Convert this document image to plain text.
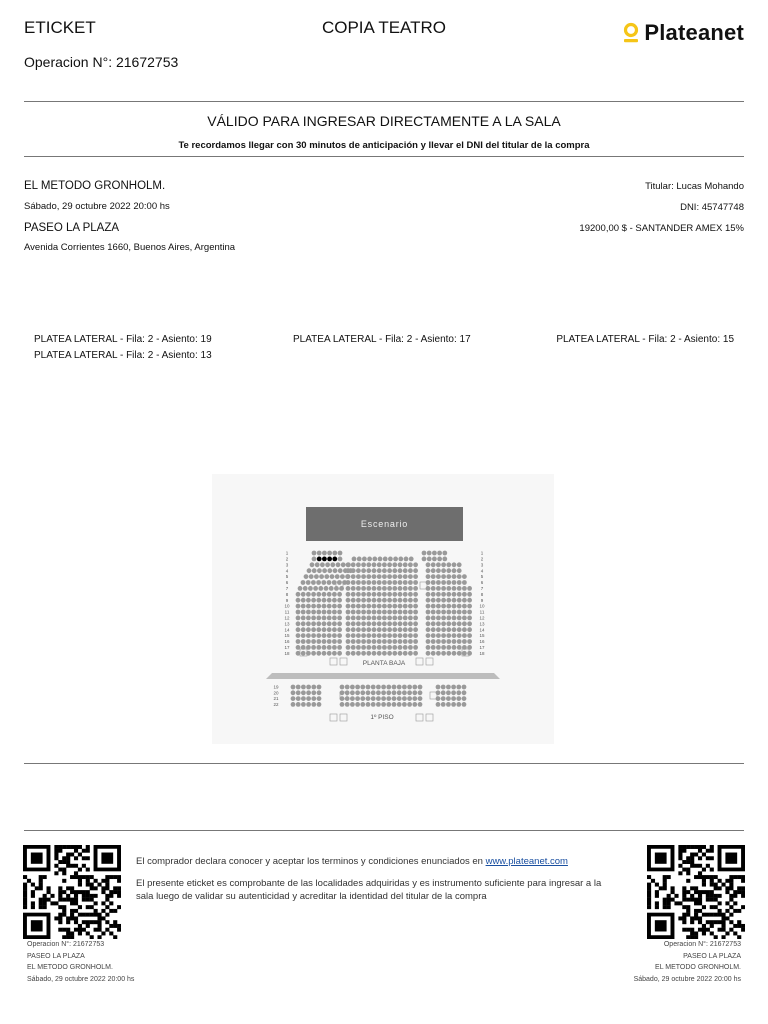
ETICKET	COPIA TEATRO
Operacion N°: 21672753
Plateanet
VÁLIDO PARA INGRESAR DIRECTAMENTE A LA SALA
Te recordamos llegar con 30 minutos de anticipación y llevar el DNI del titular de la compra
EL METODO GRONHOLM.
Sábado, 29 octubre 2022 20:00 hs
PASEO LA PLAZA
Avenida Corrientes 1660, Buenos Aires, Argentina
Titular: Lucas Mohando
DNI: 45747748
19200,00 $ - SANTANDER AMEX 15%
PLATEA LATERAL - Fila: 2 - Asiento: 19	PLATEA LATERAL - Fila: 2 - Asiento: 17	PLATEA LATERAL - Fila: 2 - Asiento: 15
PLATEA LATERAL - Fila: 2 - Asiento: 13
Escenario
1	1
2	2
3	3
4	4
5	5
6	6
7	7
8	8
9	9
10	10
11	11
12	12
13	13
14	14
15	15
16	16
17	17
18	18
PLANTA BAJA
19
20
21
22
1º PISO
El comprador declara conocer y aceptar los terminos y condiciones enunciados en www.plateanet.com
El presente eticket es comprobante de las localidades adquiridas y es instrumento suficiente para ingresar a la sala luego de validar su autenticidad y acreditar la identidad del titular de la compra
Operacion N°: 21672753
PASEO LA PLAZA
EL METODO GRONHOLM.
Sábado, 29 octubre 2022 20:00 hs
Operacion N°: 21672753
PASEO LA PLAZA
EL METODO GRONHOLM.
Sábado, 29 octubre 2022 20:00 hs
